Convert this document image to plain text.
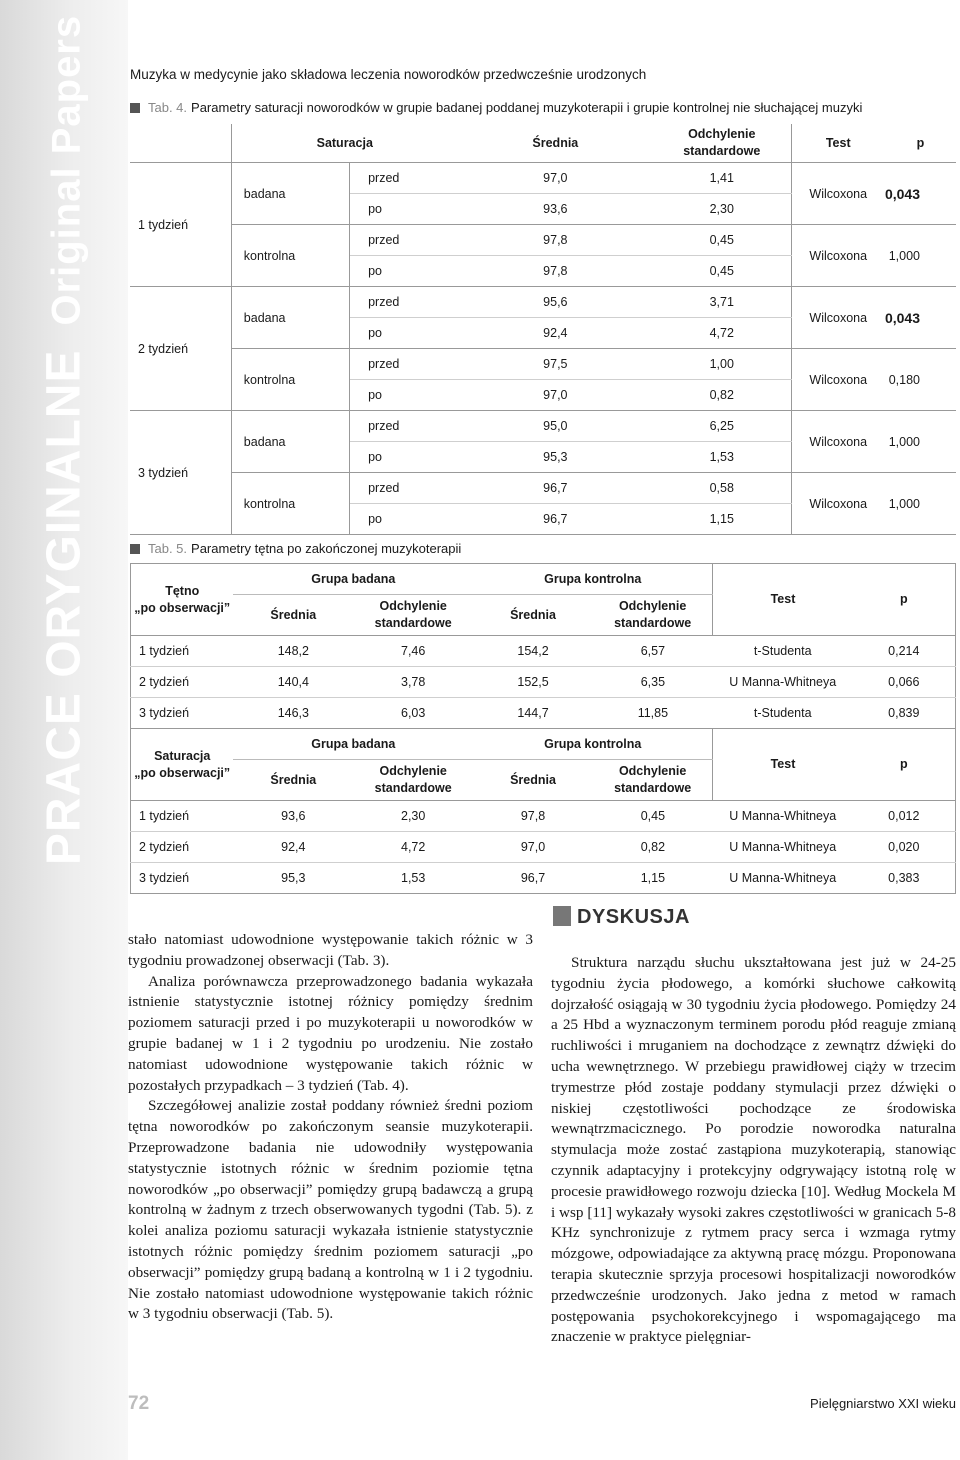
PRACE ORYGINALNEOriginal Papers	Muzyka w medycynie jako składowa leczenia noworodków przedwcześnie urodzonych
Tab. 4. Parametry saturacji noworodków w grupie badanej poddanej muzykoterapii i grupie kontrolnej nie słuchającej muzyki
	Saturacja		Średnia	Odchylenie
standardowe	Test	p
1 tydzień	badana	przed	97,0	1,41	Wilcoxona	0,043
		po	93,6	2,30		
	kontrolna	przed	97,8	0,45	Wilcoxona	1,000
		po	97,8	0,45		
2 tydzień	badana	przed	95,6	3,71	Wilcoxona	0,043
		po	92,4	4,72		
	kontrolna	przed	97,5	1,00	Wilcoxona	0,180
		po	97,0	0,82		
3 tydzień	badana	przed	95,0	6,25	Wilcoxona	1,000
		po	95,3	1,53		
	kontrolna	przed	96,7	0,58	Wilcoxona	1,000
		po	96,7	1,15		
Tab. 5. Parametry tętna po zakończonej muzykoterapii
Tętno
„po obserwacji”	Grupa badana		Grupa kontrolna		Test	p
	Średnia	Odchylenie
standardowe	Średnia	Odchylenie
standardowe		
1 tydzień	148,2	7,46	154,2	6,57	t-Studenta	0,214
2 tydzień	140,4	3,78	152,5	6,35	U Manna-Whitneya	0,066
3 tydzień	146,3	6,03	144,7	11,85	t-Studenta	0,839
Saturacja
„po obserwacji”	Grupa badana		Grupa kontrolna		Test	p
	Średnia	Odchylenie
standardowe	Średnia	Odchylenie
standardowe		
1 tydzień	93,6	2,30	97,8	0,45	U Manna-Whitneya	0,012
2 tydzień	92,4	4,72	97,0	0,82	U Manna-Whitneya	0,020
3 tydzień	95,3	1,53	96,7	1,15	U Manna-Whitneya	0,383

stało natomiast udowodnione występowanie takich różnic w 3 tygodniu prowadzonej obserwacji (Tab. 3).

Analiza porównawcza przeprowadzonego badania wykazała istnienie statystycznie istotnej różnicy pomiędzy średnim poziomem saturacji przed i po muzykoterapii u noworodków w grupie badanej w 1 i 2 tygodniu po urodzeniu. Nie zostało natomiast udowodnione występowanie takich różnic w pozostałych przypadkach – 3 tydzień (Tab. 4).

Szczegółowej analizie został poddany również średni poziom tętna noworodków po zakończonym seansie muzykoterapii. Przeprowadzone badania nie udowodniły występowania statystycznie istotnych różnic w średnim poziomie tętna noworodków „po obserwacji” pomiędzy grupą badawczą a grupą kontrolną w żadnym z trzech obserwowanych tygodni (Tab. 5). z kolei analiza poziomu saturacji wykazała istnienie statystycznie istotnych różnic pomiędzy średnim poziomem saturacji „po obserwacji” pomiędzy grupą badaną a kontrolną w 1 i 2 tygodniu. Nie zostało natomiast udowodnione występowanie takich różnic w 3 tygodniu obserwacji (Tab. 5).

DYSKUSJA

Struktura narządu słuchu ukształtowana jest już w 24-25 tygodniu życia płodowego, a komórki słuchowe całkowitą dojrzałość osiągają w 30 tygodniu życia płodowego. Pomiędzy 24 a 25 Hbd a wyznaczonym terminem porodu płód reaguje zmianą ruchliwości i mruganiem na dochodzące z zewnątrz dźwięki do ucha wewnętrznego. W przebiegu prawidłowej ciąży w trzecim trymestrze płód zostaje poddany stymulacji przez dźwięki o niskiej częstotliwości pochodzące ze środowiska wewnątrzmacicznego. Po porodzie noworodka naturalna stymulacja może zostać zastąpiona muzykoterapią, stanowiąc czynnik adaptacyjny i protekcyjny odgrywający istotną rolę w procesie prawidłowego rozwoju dziecka [10]. Według Mockela M i wsp [11] wykazały wysoki zakres częstotliwości w granicach 5-8 KHz synchronizuje z rytmem pracy serca i wzmaga rytmy mózgowe, odpowiadające za aktywną pracę mózgu. Proponowana terapia skutecznie sprzyja procesowi hospitalizacji noworodków przedwcześnie urodzonych. Jako jedna z metod w ramach postępowania psychokorekcyjnego i wspomagającego ma znaczenie w praktyce pielęgniar-

72	Pielęgniarstwo XXI wieku
